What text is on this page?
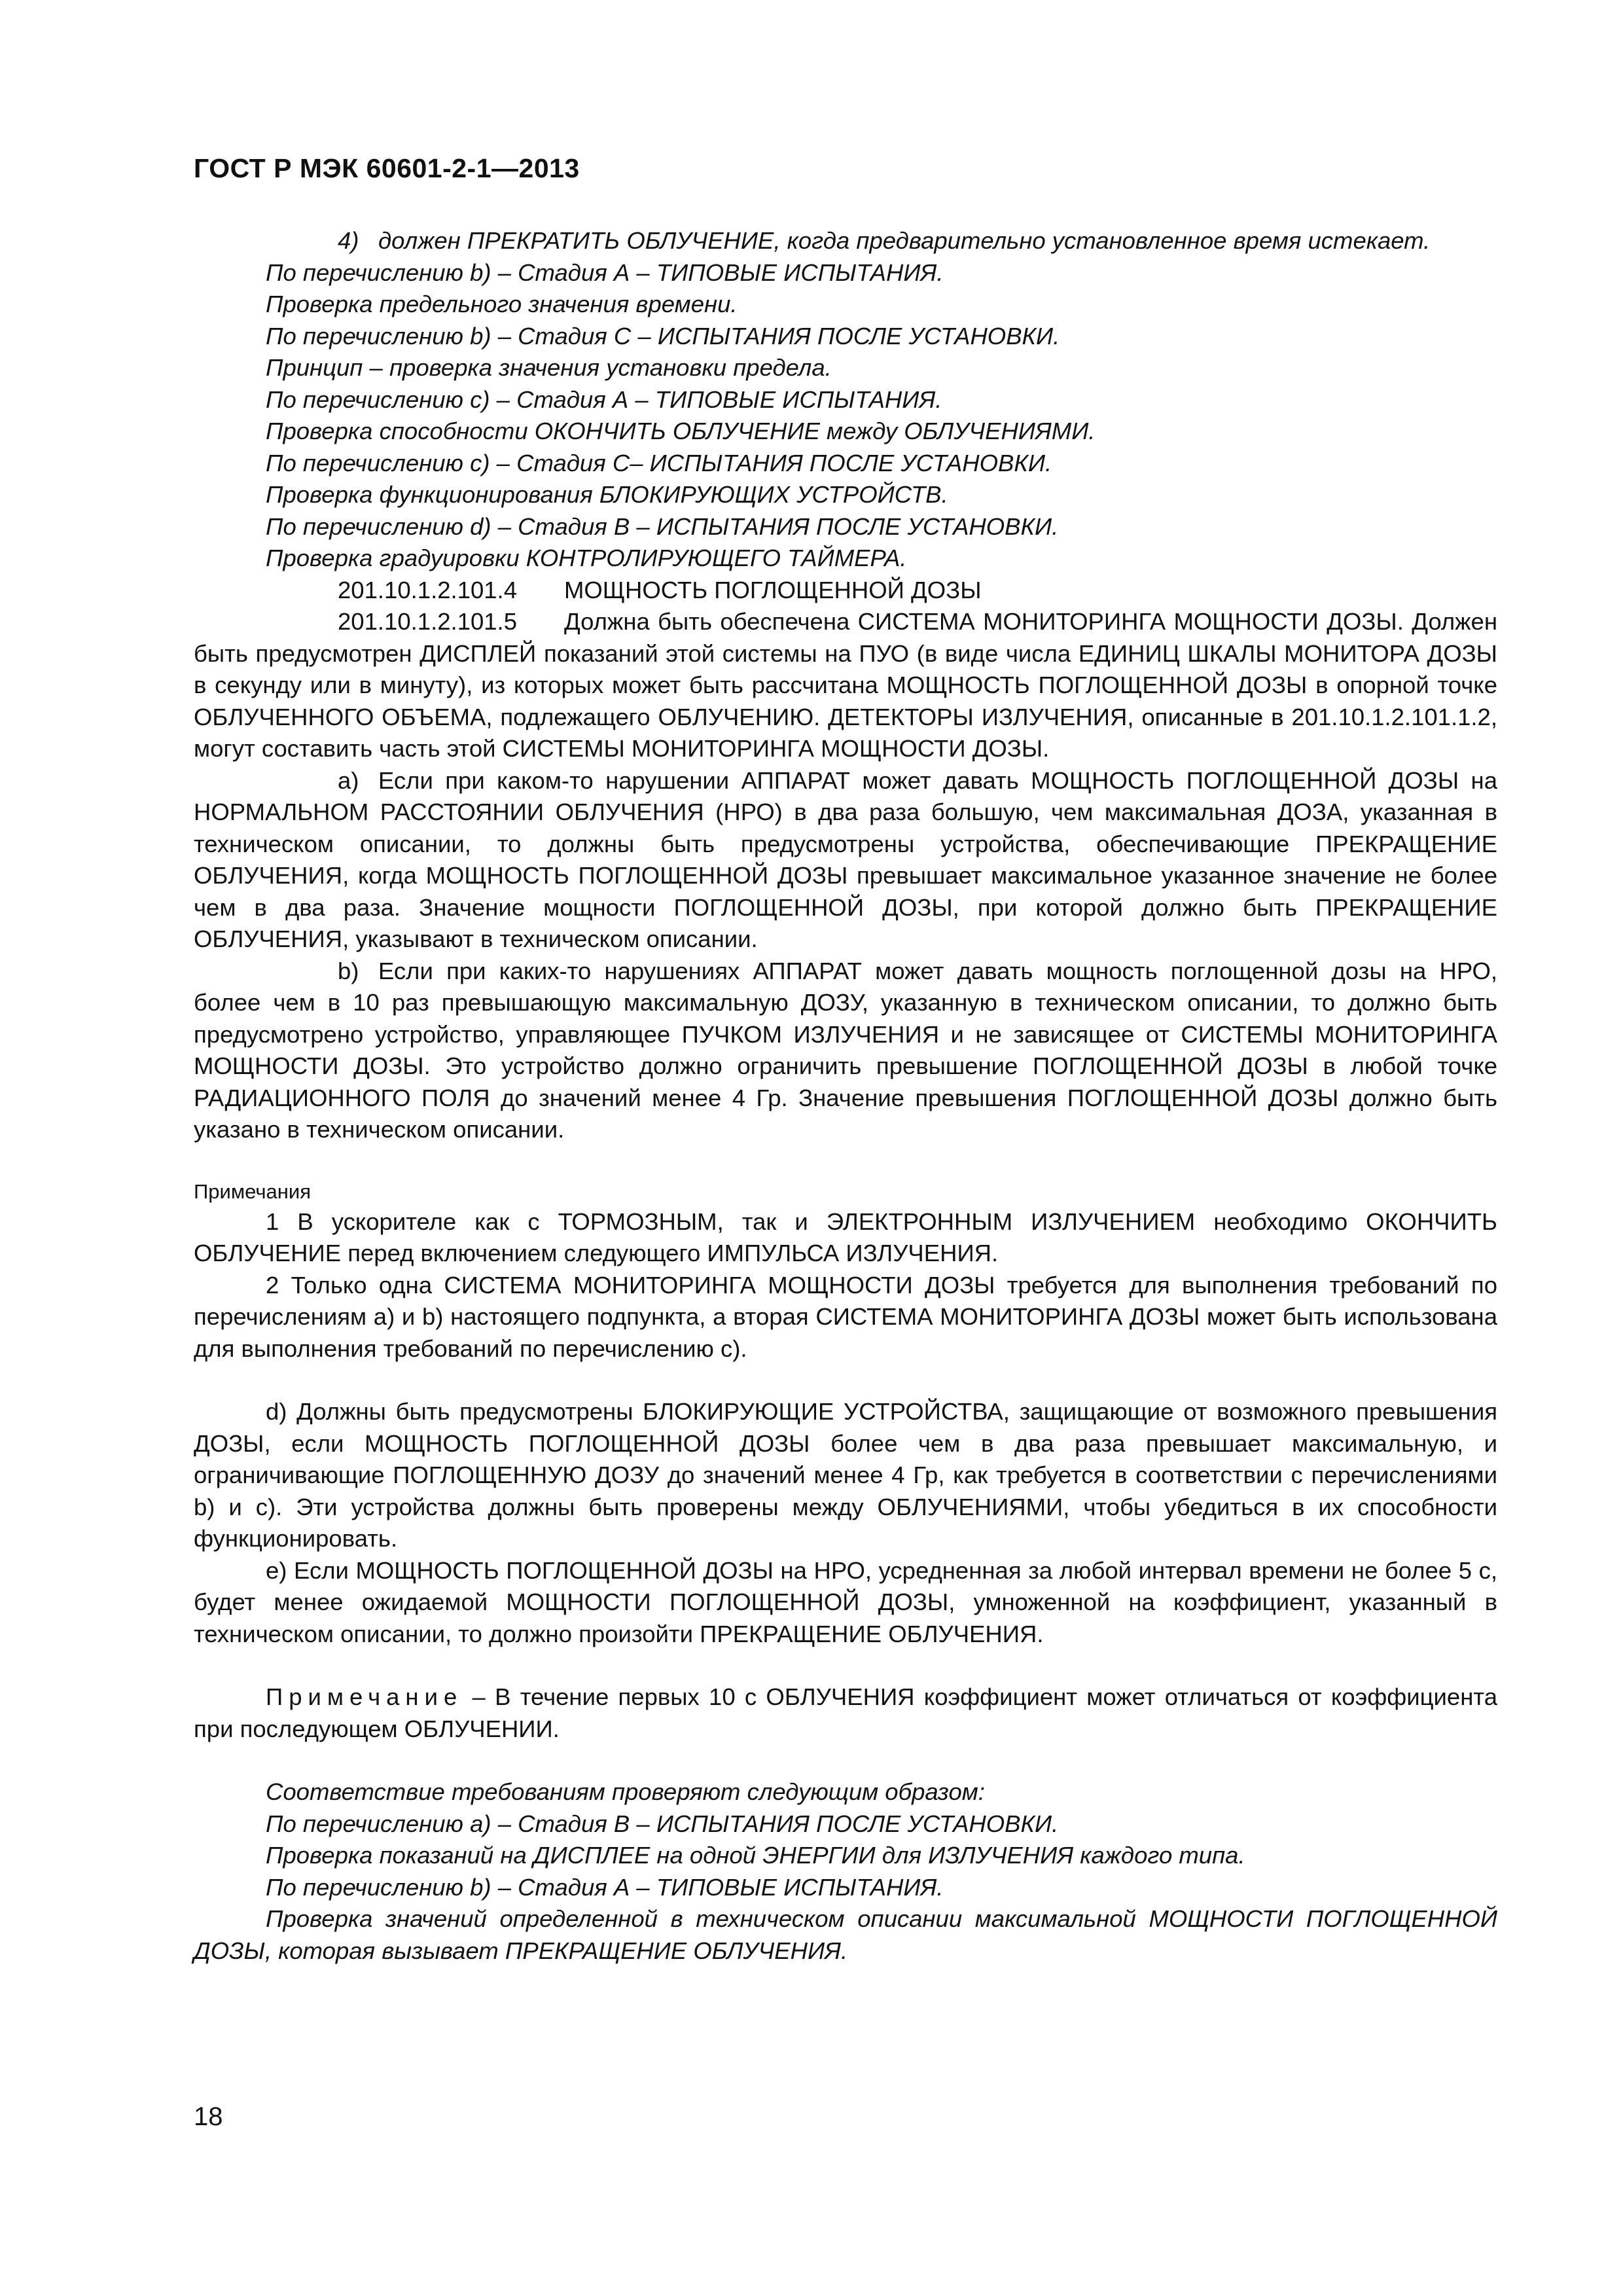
ГОСТ Р МЭК 60601-2-1—2013

4) должен ПРЕКРАТИТЬ ОБЛУЧЕНИЕ, когда предварительно установленное время истекает.

По перечислению b) – Стадия А – ТИПОВЫЕ ИСПЫТАНИЯ.

Проверка предельного значения времени.

По перечислению b) – Стадия С – ИСПЫТАНИЯ ПОСЛЕ УСТАНОВКИ.

Принцип – проверка значения установки предела.

По перечислению с) – Стадия А – ТИПОВЫЕ ИСПЫТАНИЯ.

Проверка способности ОКОНЧИТЬ ОБЛУЧЕНИЕ между ОБЛУЧЕНИЯМИ.

По перечислению с) – Стадия С– ИСПЫТАНИЯ ПОСЛЕ УСТАНОВКИ.

Проверка функционирования БЛОКИРУЮЩИХ УСТРОЙСТВ.

По перечислению d) – Стадия В – ИСПЫТАНИЯ ПОСЛЕ УСТАНОВКИ.

Проверка градуировки КОНТРОЛИРУЮЩЕГО ТАЙМЕРА.

201.10.1.2.101.4 МОЩНОСТЬ ПОГЛОЩЕННОЙ ДОЗЫ

201.10.1.2.101.5 Должна быть обеспечена СИСТЕМА МОНИТОРИНГА МОЩНОСТИ ДОЗЫ. Должен быть предусмотрен ДИСПЛЕЙ показаний этой системы на ПУО (в виде числа ЕДИНИЦ ШКАЛЫ МОНИТОРА ДОЗЫ в секунду или в минуту), из которых может быть рассчитана МОЩНОСТЬ ПОГЛОЩЕННОЙ ДОЗЫ в опорной точке ОБЛУЧЕННОГО ОБЪЕМА, подлежащего ОБЛУЧЕНИЮ. ДЕТЕКТОРЫ ИЗЛУЧЕНИЯ, описанные в 201.10.1.2.101.1.2, могут составить часть этой СИСТЕМЫ МОНИТОРИНГА МОЩНОСТИ ДОЗЫ.

a) Если при каком-то нарушении АППАРАТ может давать МОЩНОСТЬ ПОГЛОЩЕННОЙ ДОЗЫ на НОРМАЛЬНОМ РАССТОЯНИИ ОБЛУЧЕНИЯ (НРО) в два раза большую, чем максимальная ДОЗА, указанная в техническом описании, то должны быть предусмотрены устройства, обеспечивающие ПРЕКРАЩЕНИЕ ОБЛУЧЕНИЯ, когда МОЩНОСТЬ ПОГЛОЩЕННОЙ ДОЗЫ превышает максимальное указанное значение не более чем в два раза. Значение мощности ПОГЛОЩЕННОЙ ДОЗЫ, при которой должно быть ПРЕКРАЩЕНИЕ ОБЛУЧЕНИЯ, указывают в техническом описании.

b) Если при каких-то нарушениях АППАРАТ может давать мощность поглощенной дозы на НРО, более чем в 10 раз превышающую максимальную ДОЗУ, указанную в техническом описании, то должно быть предусмотрено устройство, управляющее ПУЧКОМ ИЗЛУЧЕНИЯ и не зависящее от СИСТЕМЫ МОНИТОРИНГА МОЩНОСТИ ДОЗЫ. Это устройство должно ограничить превышение ПОГЛОЩЕННОЙ ДОЗЫ в любой точке РАДИАЦИОННОГО ПОЛЯ до значений менее 4 Гр. Значение превышения ПОГЛОЩЕННОЙ ДОЗЫ должно быть указано в техническом описании.

Примечания

1 В ускорителе как с ТОРМОЗНЫМ, так и ЭЛЕКТРОННЫМ ИЗЛУЧЕНИЕМ необходимо ОКОНЧИТЬ ОБЛУЧЕНИЕ перед включением следующего ИМПУЛЬСА ИЗЛУЧЕНИЯ.

2 Только одна СИСТЕМА МОНИТОРИНГА МОЩНОСТИ ДОЗЫ требуется для выполнения требований по перечислениям a) и b) настоящего подпункта, а вторая СИСТЕМА МОНИТОРИНГА ДОЗЫ может быть использована для выполнения требований по перечислению с).

d) Должны быть предусмотрены БЛОКИРУЮЩИЕ УСТРОЙСТВА, защищающие от возможного превышения ДОЗЫ, если МОЩНОСТЬ ПОГЛОЩЕННОЙ ДОЗЫ более чем в два раза превышает максимальную, и ограничивающие ПОГЛОЩЕННУЮ ДОЗУ до значений менее 4 Гр, как требуется в соответствии с перечислениями b) и с). Эти устройства должны быть проверены между ОБЛУЧЕНИЯМИ, чтобы убедиться в их способности функционировать.

е) Если МОЩНОСТЬ ПОГЛОЩЕННОЙ ДОЗЫ на НРО, усредненная за любой интервал времени не более 5 с, будет менее ожидаемой МОЩНОСТИ ПОГЛОЩЕННОЙ ДОЗЫ, умноженной на коэффициент, указанный в техническом описании, то должно произойти ПРЕКРАЩЕНИЕ ОБЛУЧЕНИЯ.

Примечание – В течение первых 10 с ОБЛУЧЕНИЯ коэффициент может отличаться от коэффициента при последующем ОБЛУЧЕНИИ.

Соответствие требованиям проверяют следующим образом:

По перечислению a) – Стадия В – ИСПЫТАНИЯ ПОСЛЕ УСТАНОВКИ.

Проверка показаний на ДИСПЛЕЕ на одной ЭНЕРГИИ для ИЗЛУЧЕНИЯ каждого типа.

По перечислению b) – Стадия А – ТИПОВЫЕ ИСПЫТАНИЯ.

Проверка значений определенной в техническом описании максимальной МОЩНОСТИ ПОГЛОЩЕННОЙ ДОЗЫ, которая вызывает ПРЕКРАЩЕНИЕ ОБЛУЧЕНИЯ.

18
